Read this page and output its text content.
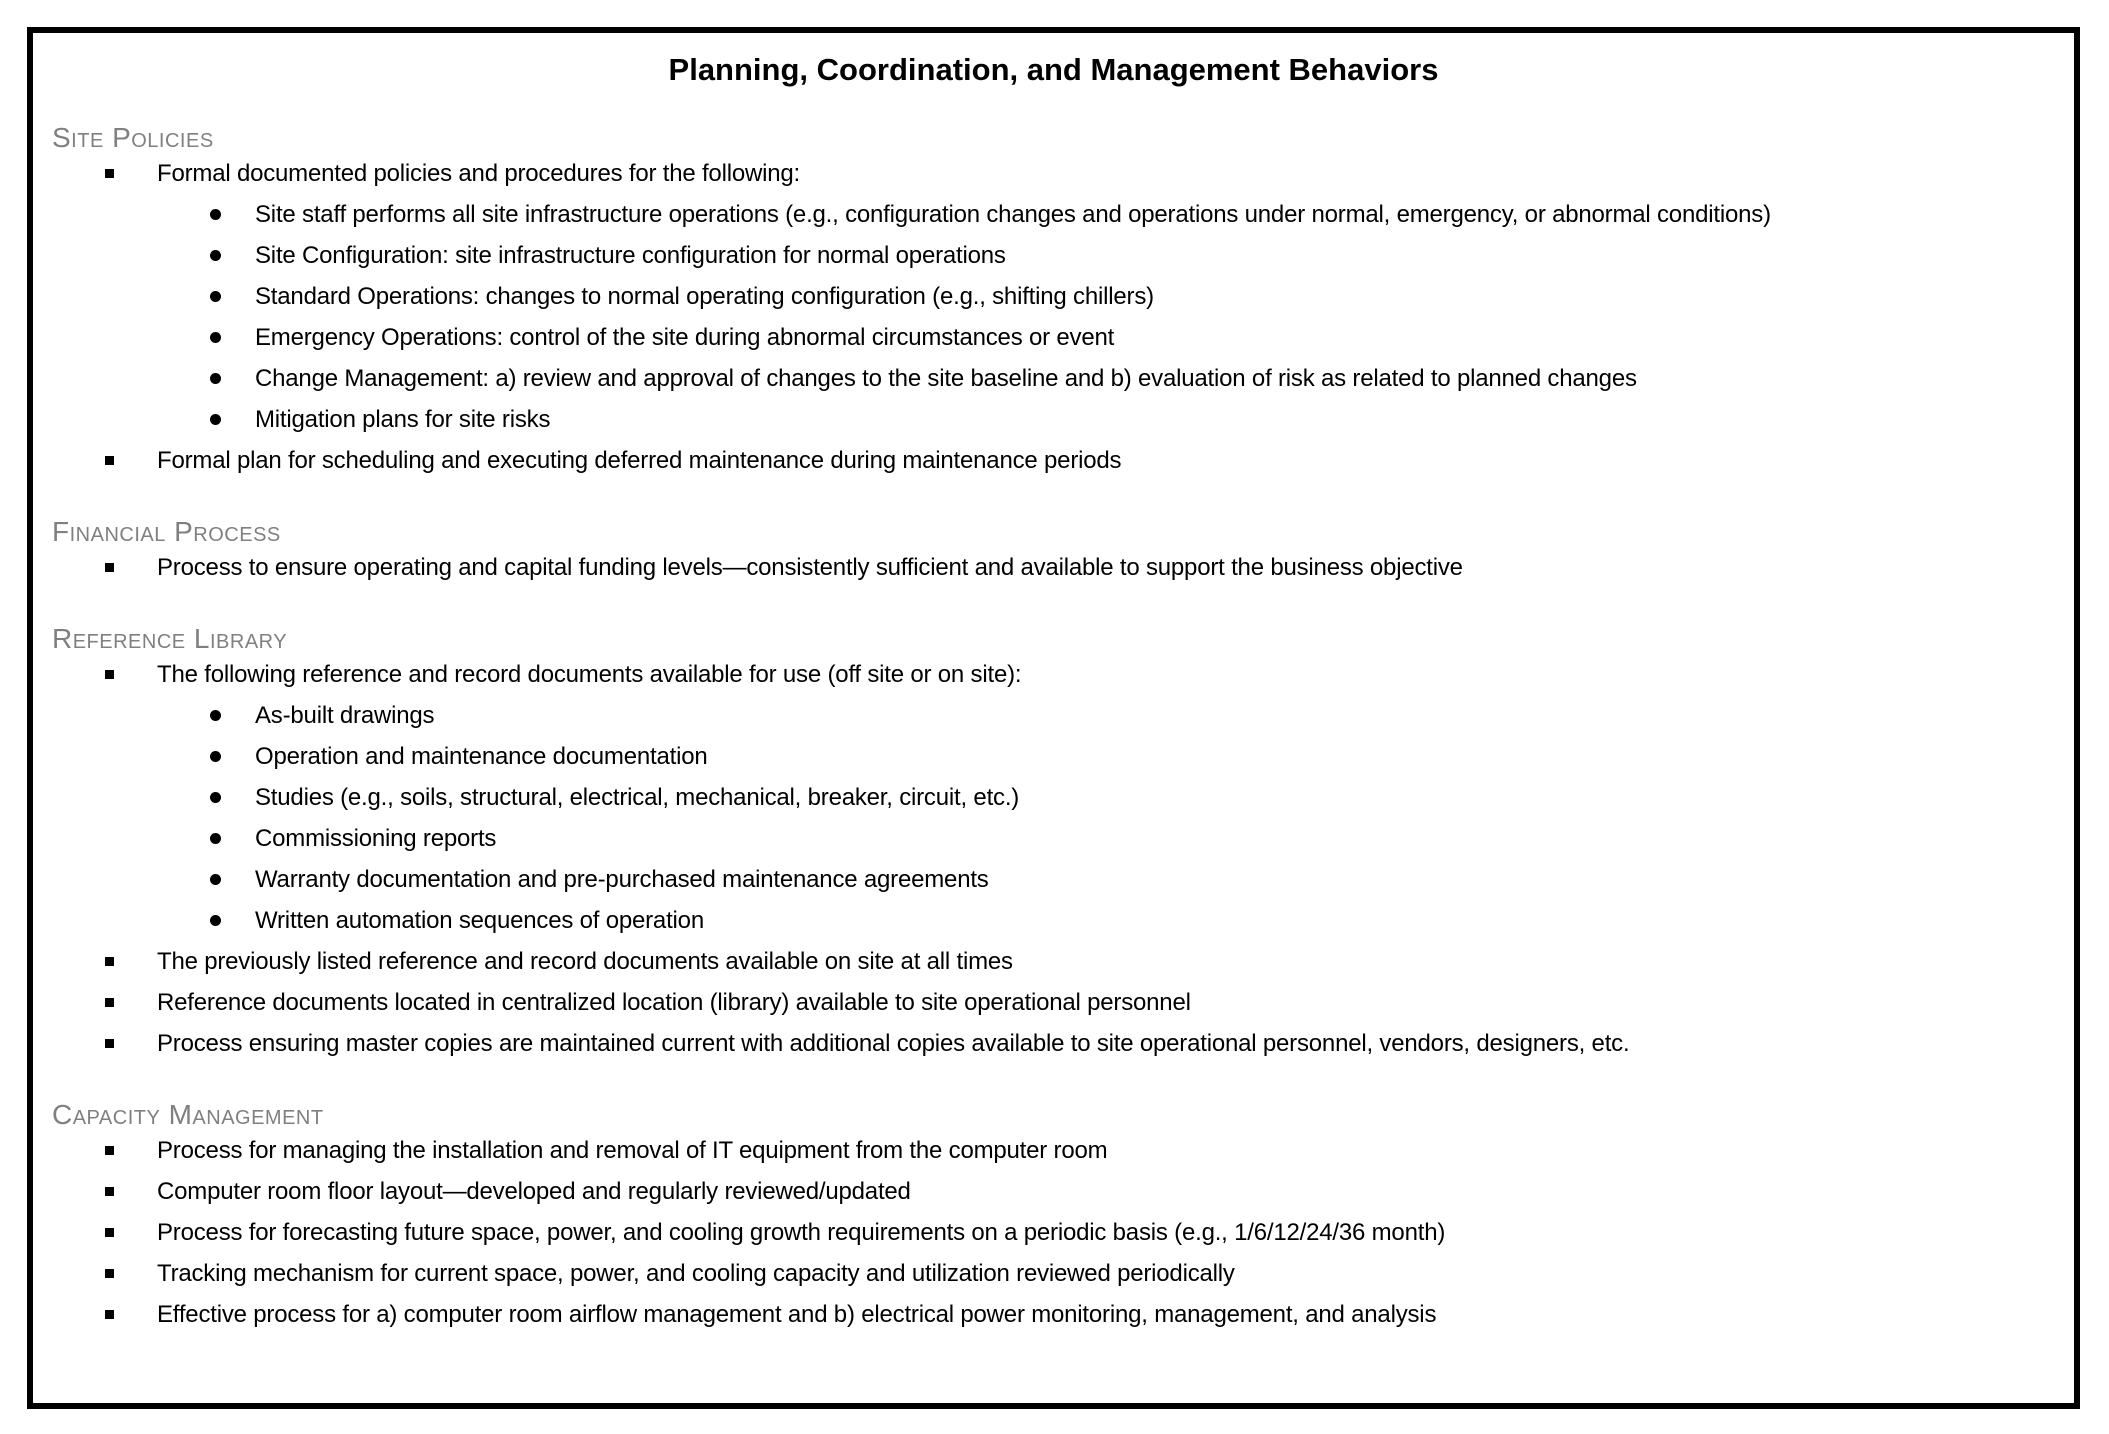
Planning, Coordination, and Management Behaviors
Site Policies
Formal documented policies and procedures for the following:
Site staff performs all site infrastructure operations (e.g., configuration changes and operations under normal, emergency, or abnormal conditions)
Site Configuration: site infrastructure configuration for normal operations
Standard Operations: changes to normal operating configuration (e.g., shifting chillers)
Emergency Operations: control of the site during abnormal circumstances or event
Change Management: a) review and approval of changes to the site baseline and b) evaluation of risk as related to planned changes
Mitigation plans for site risks
Formal plan for scheduling and executing deferred maintenance during maintenance periods
Financial Process
Process to ensure operating and capital funding levels—consistently sufficient and available to support the business objective
Reference Library
The following reference and record documents available for use (off site or on site):
As-built drawings
Operation and maintenance documentation
Studies (e.g., soils, structural, electrical, mechanical, breaker, circuit, etc.)
Commissioning reports
Warranty documentation and pre-purchased maintenance agreements
Written automation sequences of operation
The previously listed reference and record documents available on site at all times
Reference documents located in centralized location (library) available to site operational personnel
Process ensuring master copies are maintained current with additional copies available to site operational personnel, vendors, designers, etc.
Capacity Management
Process for managing the installation and removal of IT equipment from the computer room
Computer room floor layout—developed and regularly reviewed/updated
Process for forecasting future space, power, and cooling growth requirements on a periodic basis (e.g., 1/6/12/24/36 month)
Tracking mechanism for current space, power, and cooling capacity and utilization reviewed periodically
Effective process for a) computer room airflow management and b) electrical power monitoring, management, and analysis
